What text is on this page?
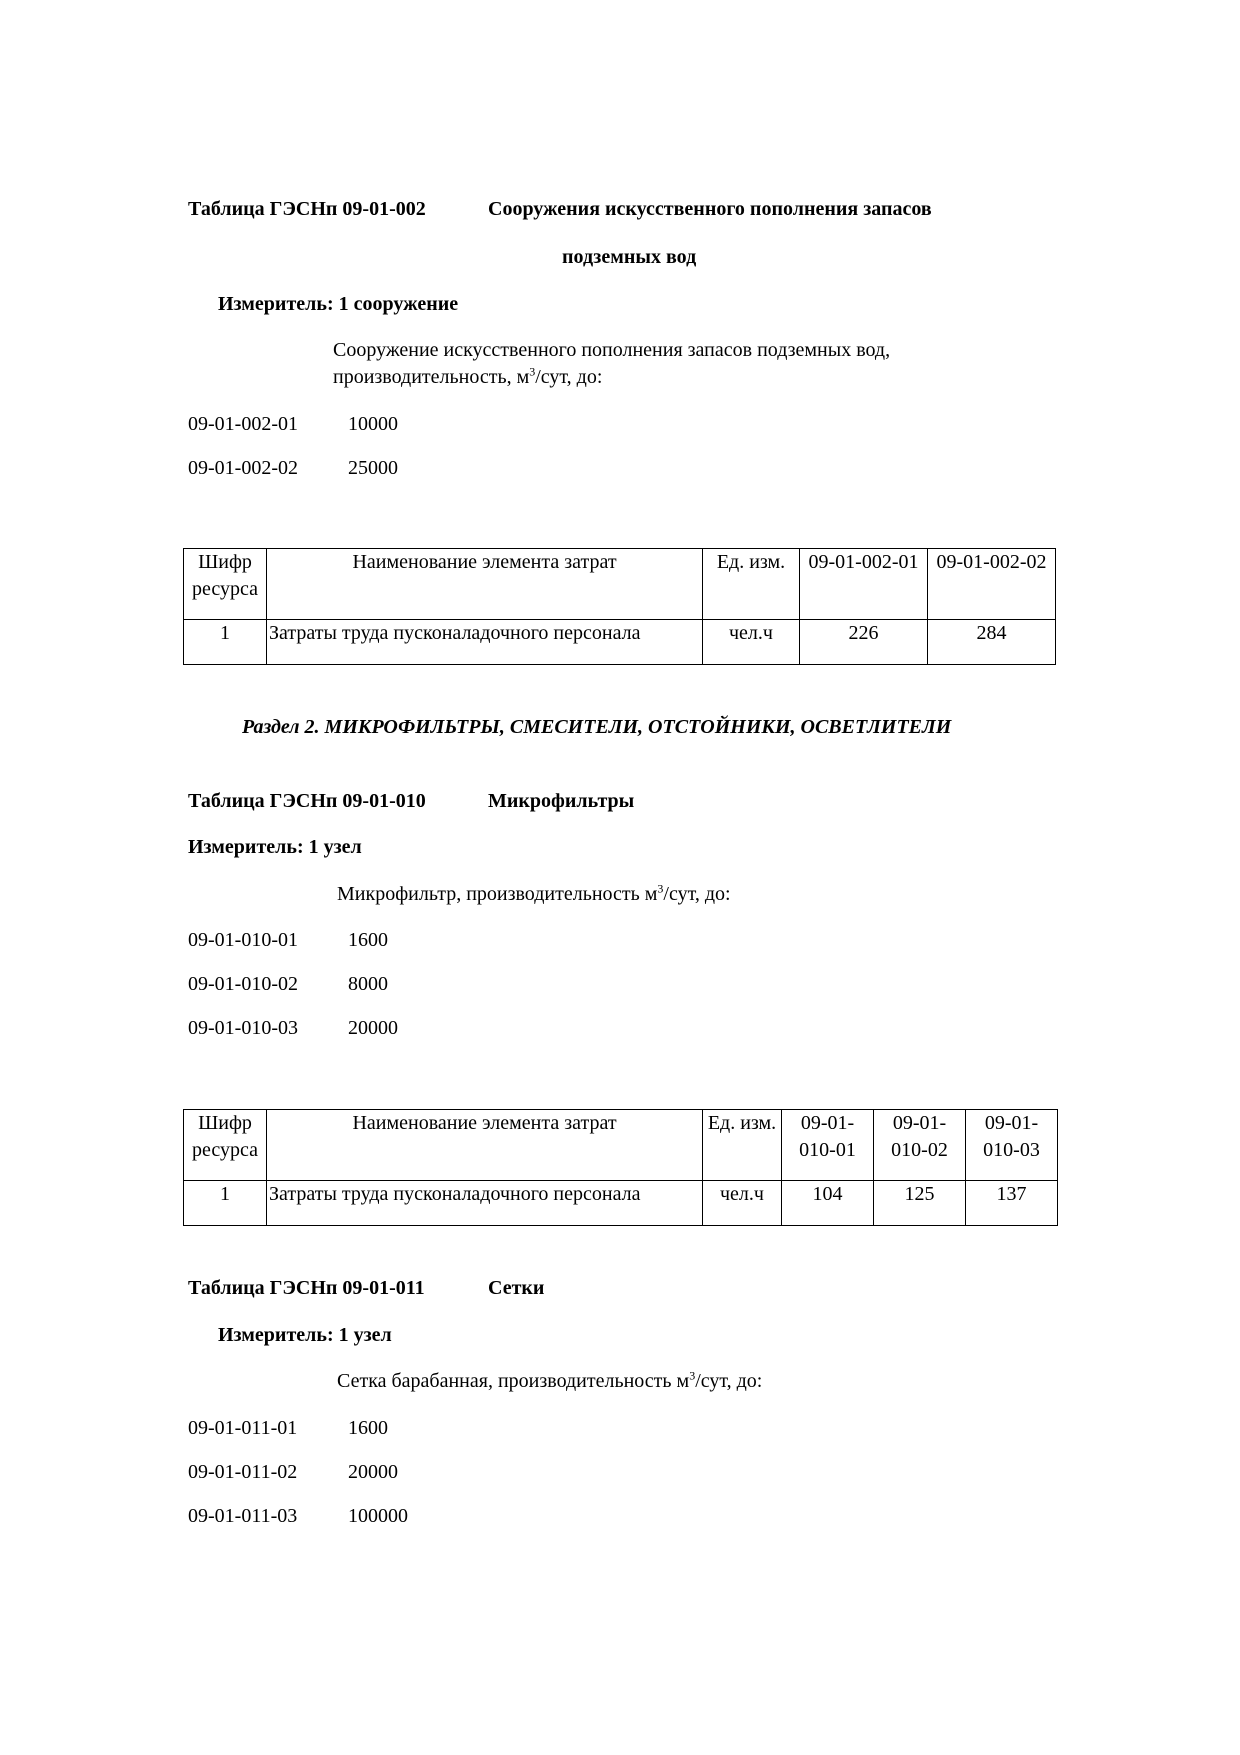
Таблица ГЭСНп 09-01-002	Сооружения искусственного пополнения запасов
подземных вод
Измеритель: 1 сооружение
Сооружение искусственного пополнения запасов подземных вод,
производительность, $м^3$/сут, до:
09-01-002-01	10000
09-01-002-02	25000
Шифр ресурса	Наименование элемента затрат	Ед. изм.	09-01-002-01	09-01-002-02
1	Затраты труда пусконаладочного персонала	чел.ч	226	284
Раздел 2. МИКРОФИЛЬТРЫ, СМЕСИТЕЛИ, ОТСТОЙНИКИ, ОСВЕТЛИТЕЛИ
Таблица ГЭСНп 09-01-010	Микрофильтры
Измеритель: 1 узел
Микрофильтр, производительность $м^3$/сут, до:
09-01-010-01	1600
09-01-010-02	8000
09-01-010-03	20000
Шифр ресурса	Наименование элемента затрат	Ед. изм.	09-01- 010-01	09-01- 010-02	09-01- 010-03
1	Затраты труда пусконаладочного персонала	чел.ч	104	125	137
Таблица ГЭСНп 09-01-011	Сетки
Измеритель: 1 узел
Сетка барабанная, производительность $м^3$/сут, до:
09-01-011-01	1600
09-01-011-02	20000
09-01-011-03	100000
